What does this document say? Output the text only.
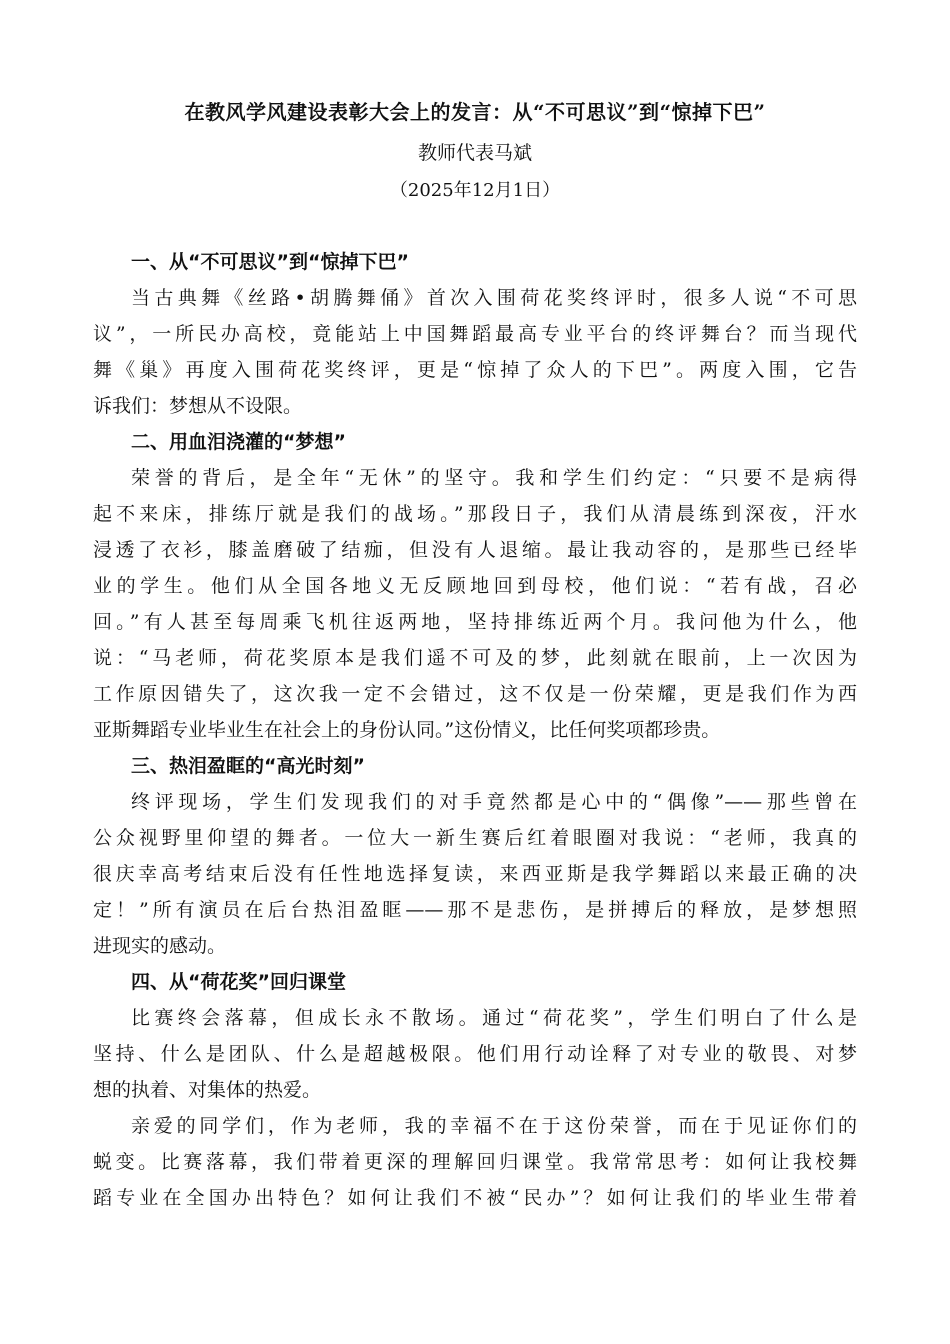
在教风学风建设表彰大会上的发言：从“不可思议”到“惊掉下巴”
教师代表马斌
（2025年12月1日）
一、从“不可思议”到“惊掉下巴”
当古典舞《丝路•胡腾舞俑》首次入围荷花奖终评时，很多人说“不可思
议”，一所民办高校，竟能站上中国舞蹈最高专业平台的终评舞台？而当现代
舞《巢》再度入围荷花奖终评，更是“惊掉了众人的下巴”。两度入围，它告
诉我们：梦想从不设限。
二、用血泪浇灌的“梦想”
荣誉的背后，是全年“无休”的坚守。我和学生们约定：“只要不是病得
起不来床，排练厅就是我们的战场。”那段日子，我们从清晨练到深夜，汗水
浸透了衣衫，膝盖磨破了结痂，但没有人退缩。最让我动容的，是那些已经毕
业的学生。他们从全国各地义无反顾地回到母校，他们说：“若有战，召必
回。”有人甚至每周乘飞机往返两地，坚持排练近两个月。我问他为什么，他
说：“马老师，荷花奖原本是我们遥不可及的梦，此刻就在眼前，上一次因为
工作原因错失了，这次我一定不会错过，这不仅是一份荣耀，更是我们作为西
亚斯舞蹈专业毕业生在社会上的身份认同。”这份情义，比任何奖项都珍贵。
三、热泪盈眶的“高光时刻”
终评现场，学生们发现我们的对手竟然都是心中的“偶像”——那些曾在
公众视野里仰望的舞者。一位大一新生赛后红着眼圈对我说：“老师，我真的
很庆幸高考结束后没有任性地选择复读，来西亚斯是我学舞蹈以来最正确的决
定！”所有演员在后台热泪盈眶——那不是悲伤，是拼搏后的释放，是梦想照
进现实的感动。
四、从“荷花奖”回归课堂
比赛终会落幕，但成长永不散场。通过“荷花奖”，学生们明白了什么是
坚持、什么是团队、什么是超越极限。他们用行动诠释了对专业的敬畏、对梦
想的执着、对集体的热爱。
亲爱的同学们，作为老师，我的幸福不在于这份荣誉，而在于见证你们的
蜕变。比赛落幕，我们带着更深的理解回归课堂。我常常思考：如何让我校舞
蹈专业在全国办出特色？如何让我们不被“民办”？如何让我们的毕业生带着
